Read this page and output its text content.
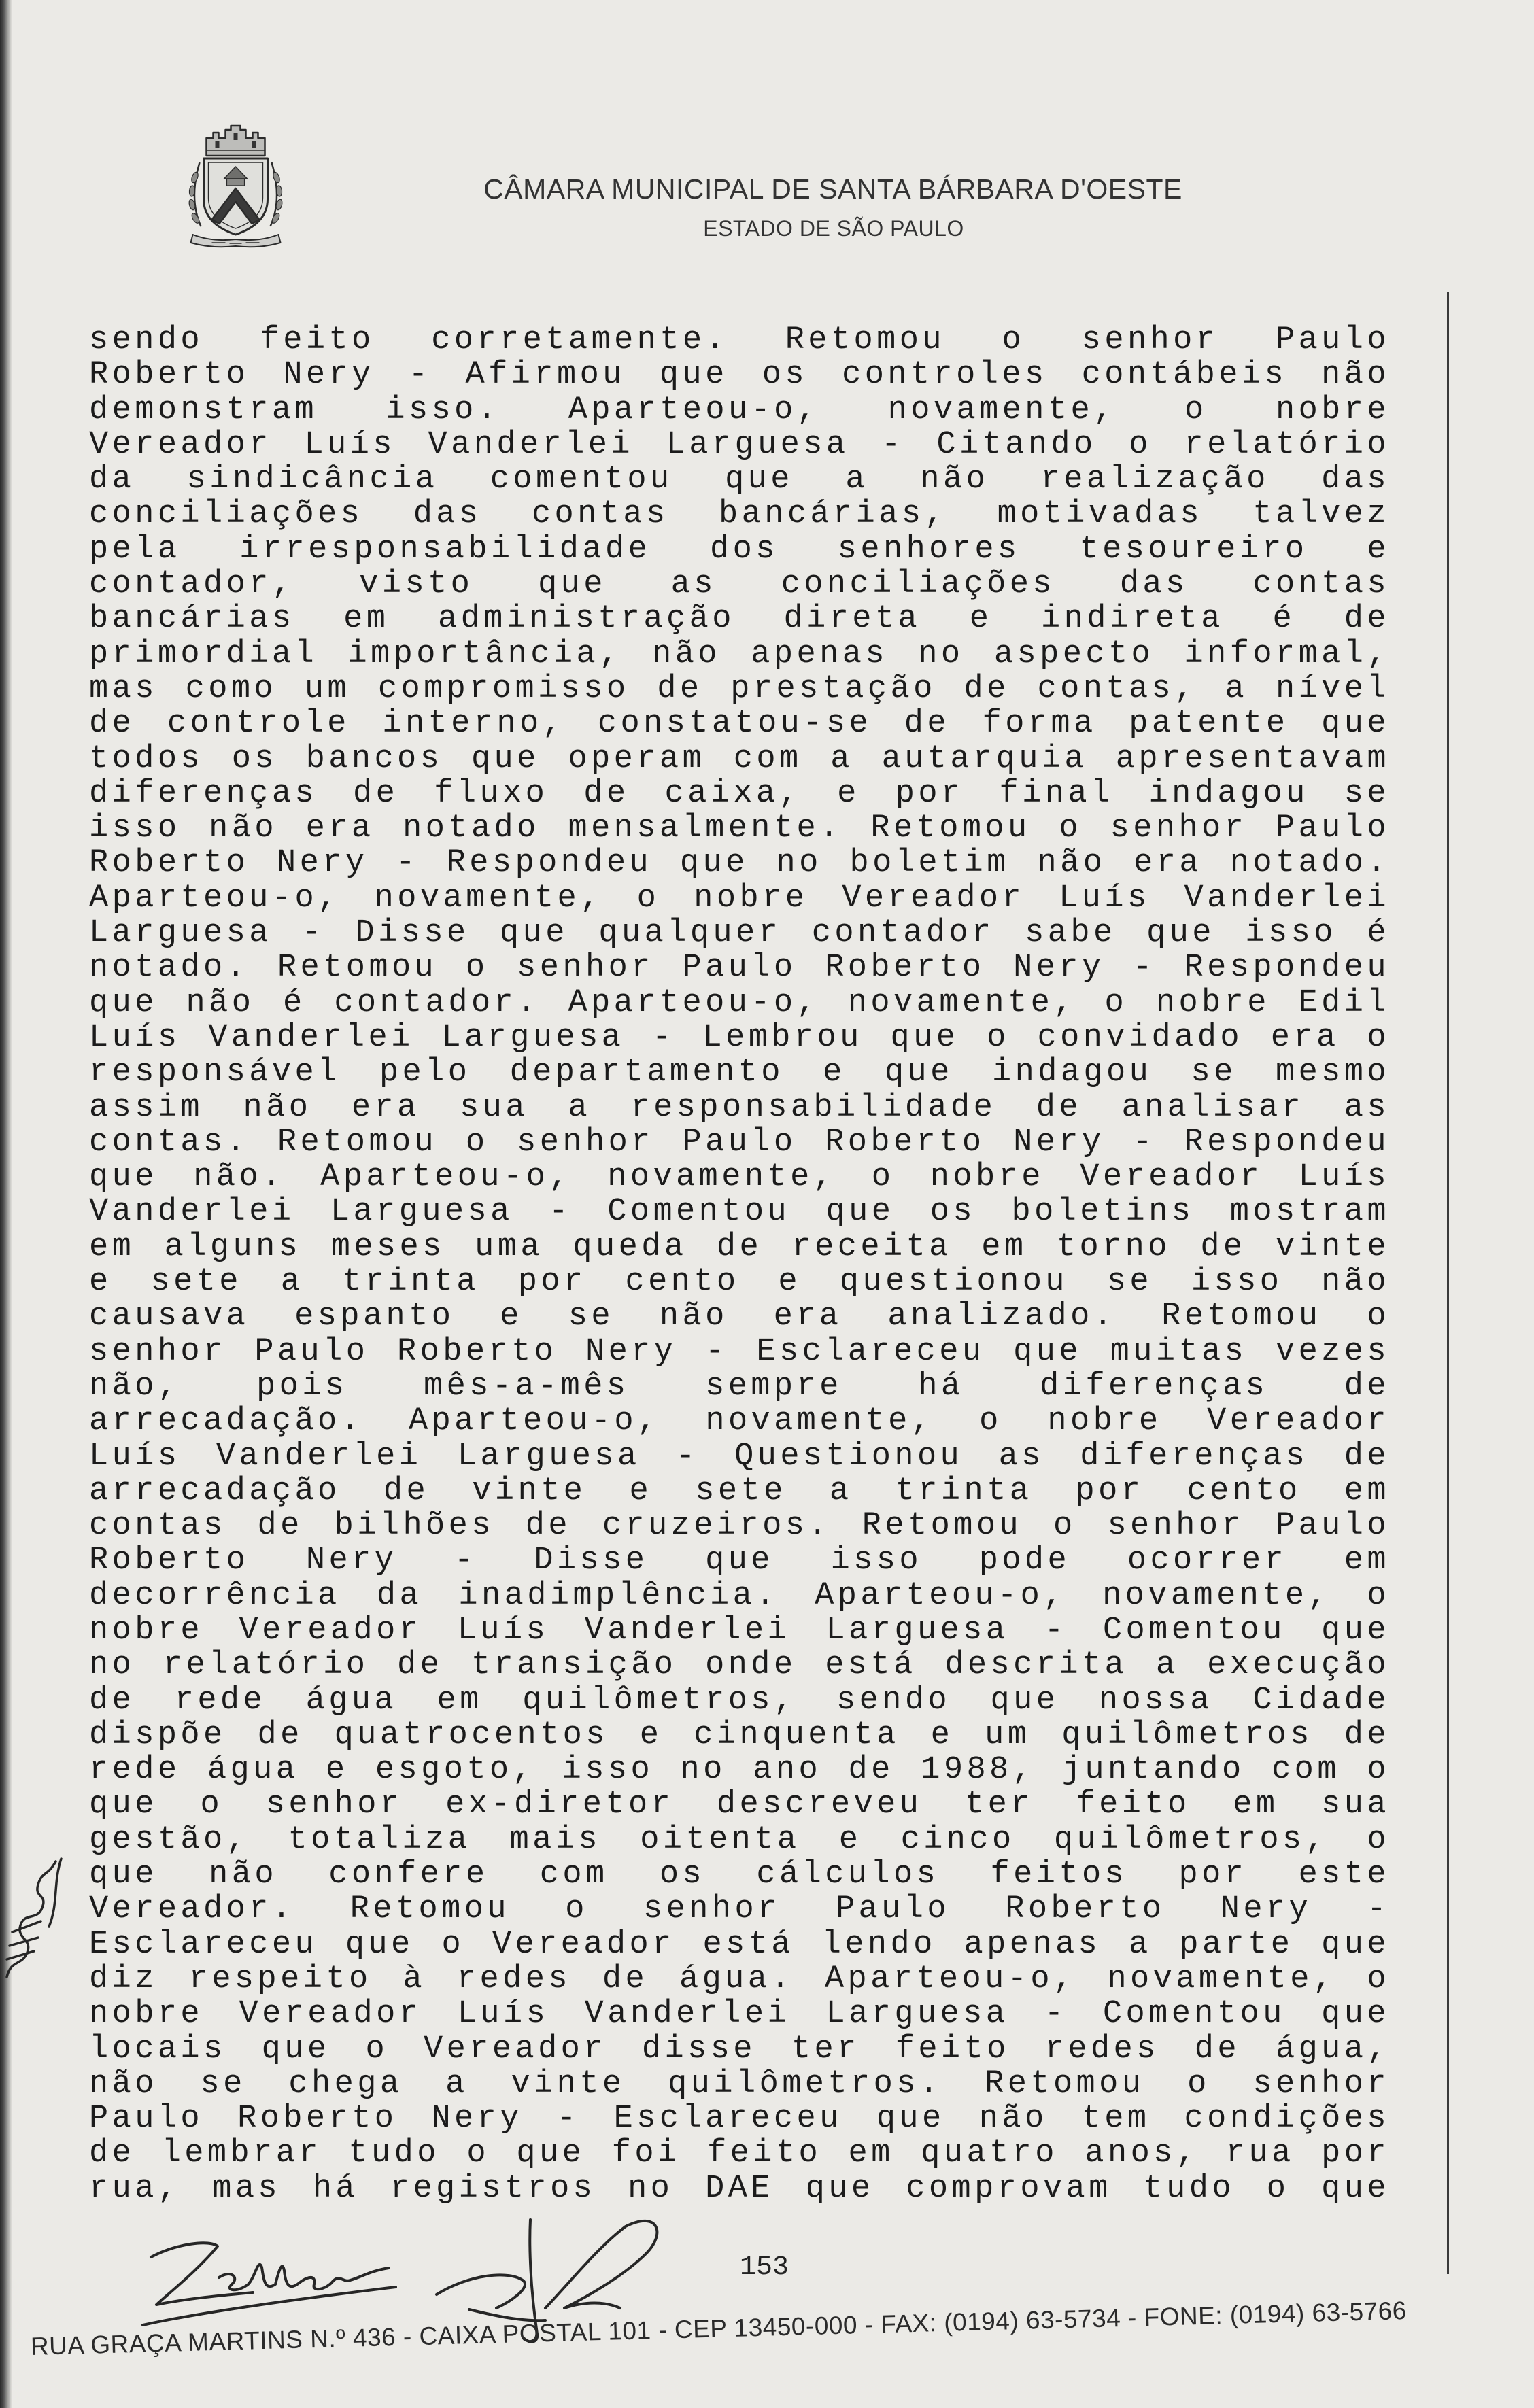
CÂMARA MUNICIPAL DE SANTA BÁRBARA D'OESTE
ESTADO DE SÃO PAULO
sendo feito corretamente. Retomou o senhor Paulo
Roberto Nery - Afirmou que os controles contábeis não
demonstram isso. Aparteou-o, novamente, o nobre
Vereador Luís Vanderlei Larguesa - Citando o relatório
da sindicância comentou que a não realização das
conciliações das contas bancárias, motivadas talvez
pela irresponsabilidade dos senhores tesoureiro e
contador, visto que as conciliações das contas
bancárias em administração direta e indireta é de
primordial importância, não apenas no aspecto informal,
mas como um compromisso de prestação de contas, a nível
de controle interno, constatou-se de forma patente que
todos os bancos que operam com a autarquia apresentavam
diferenças de fluxo de caixa, e por final indagou se
isso não era notado mensalmente. Retomou o senhor Paulo
Roberto Nery - Respondeu que no boletim não era notado.
Aparteou-o, novamente, o nobre Vereador Luís Vanderlei
Larguesa - Disse que qualquer contador sabe que isso é
notado. Retomou o senhor Paulo Roberto Nery - Respondeu
que não é contador. Aparteou-o, novamente, o nobre Edil
Luís Vanderlei Larguesa - Lembrou que o convidado era o
responsável pelo departamento e que indagou se mesmo
assim não era sua a responsabilidade de analisar as
contas. Retomou o senhor Paulo Roberto Nery - Respondeu
que não. Aparteou-o, novamente, o nobre Vereador Luís
Vanderlei Larguesa - Comentou que os boletins mostram
em alguns meses uma queda de receita em torno de vinte
e sete a trinta por cento e questionou se isso não
causava espanto e se não era analizado. Retomou o
senhor Paulo Roberto Nery - Esclareceu que muitas vezes
não, pois mês-a-mês sempre há diferenças de
arrecadação. Aparteou-o, novamente, o nobre Vereador
Luís Vanderlei Larguesa - Questionou as diferenças de
arrecadação de vinte e sete a trinta por cento em
contas de bilhões de cruzeiros. Retomou o senhor Paulo
Roberto Nery - Disse que isso pode ocorrer em
decorrência da inadimplência. Aparteou-o, novamente, o
nobre Vereador Luís Vanderlei Larguesa - Comentou que
no relatório de transição onde está descrita a execução
de rede água em quilômetros, sendo que nossa Cidade
dispõe de quatrocentos e cinquenta e um quilômetros de
rede água e esgoto, isso no ano de 1988, juntando com o
que o senhor ex-diretor descreveu ter feito em sua
gestão, totaliza mais oitenta e cinco quilômetros, o
que não confere com os cálculos feitos por este
Vereador. Retomou o senhor Paulo Roberto Nery -
Esclareceu que o Vereador está lendo apenas a parte que
diz respeito à redes de água. Aparteou-o, novamente, o
nobre Vereador Luís Vanderlei Larguesa - Comentou que
locais que o Vereador disse ter feito redes de água,
não se chega a vinte quilômetros. Retomou o senhor
Paulo Roberto Nery - Esclareceu que não tem condições
de lembrar tudo o que foi feito em quatro anos, rua por
rua, mas há registros no DAE que comprovam tudo o que
153
RUA GRAÇA MARTINS N.º 436 - CAIXA POSTAL 101 - CEP 13450-000 - FAX: (0194) 63-5734 - FONE: (0194) 63-5766
